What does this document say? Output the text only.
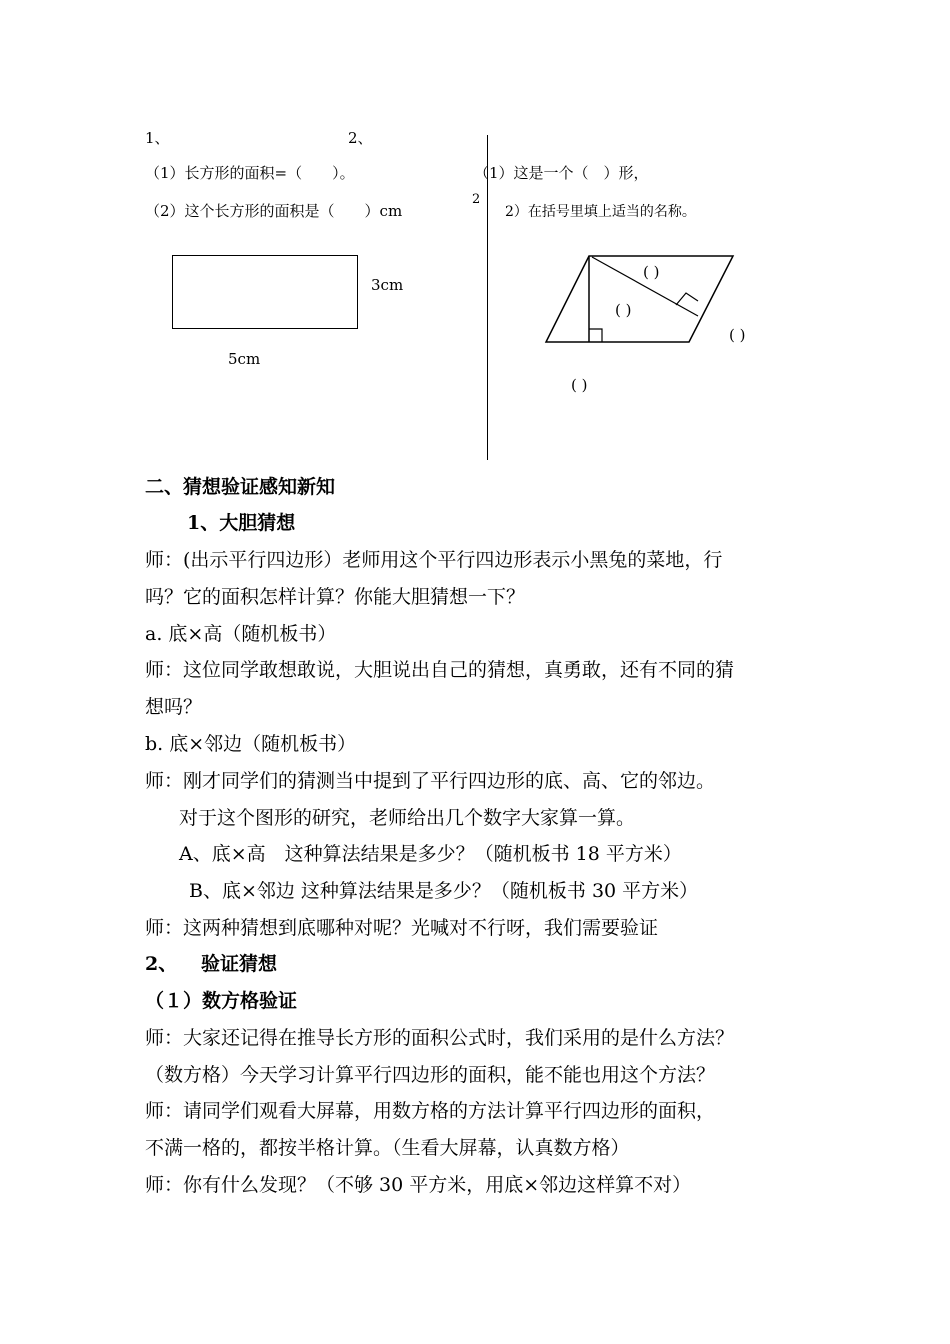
1、	2、
（1）长方形的面积=（　　）。
（2）这个长方形的面积是（　　）cm
2
（1）这是一个（　）形，
2）在括号里填上适当的名称。
3cm
5cm
( )
( )
( )
( )
二、猜想验证感知新知
1、大胆猜想
师：(出示平行四边形）老师用这个平行四边形表示小黑兔的菜地，行
吗？它的面积怎样计算？你能大胆猜想一下？
a. 底×高（随机板书）
师：这位同学敢想敢说，大胆说出自己的猜想，真勇敢，还有不同的猜
想吗？
b. 底×邻边（随机板书）
师：刚才同学们的猜测当中提到了平行四边形的底、高、它的邻边。
对于这个图形的研究，老师给出几个数字大家算一算。
A、底×高　这种算法结果是多少？（随机板书 18 平方米）
B、底×邻边 这种算法结果是多少？（随机板书 30 平方米）
师：这两种猜想到底哪种对呢？光喊对不行呀，我们需要验证
2、 验证猜想
（１）数方格验证
师：大家还记得在推导长方形的面积公式时，我们采用的是什么方法？
（数方格）今天学习计算平行四边形的面积，能不能也用这个方法？
师：请同学们观看大屏幕，用数方格的方法计算平行四边形的面积，
不满一格的，都按半格计算。（生看大屏幕，认真数方格）
师：你有什么发现？（不够 30 平方米，用底×邻边这样算不对）
